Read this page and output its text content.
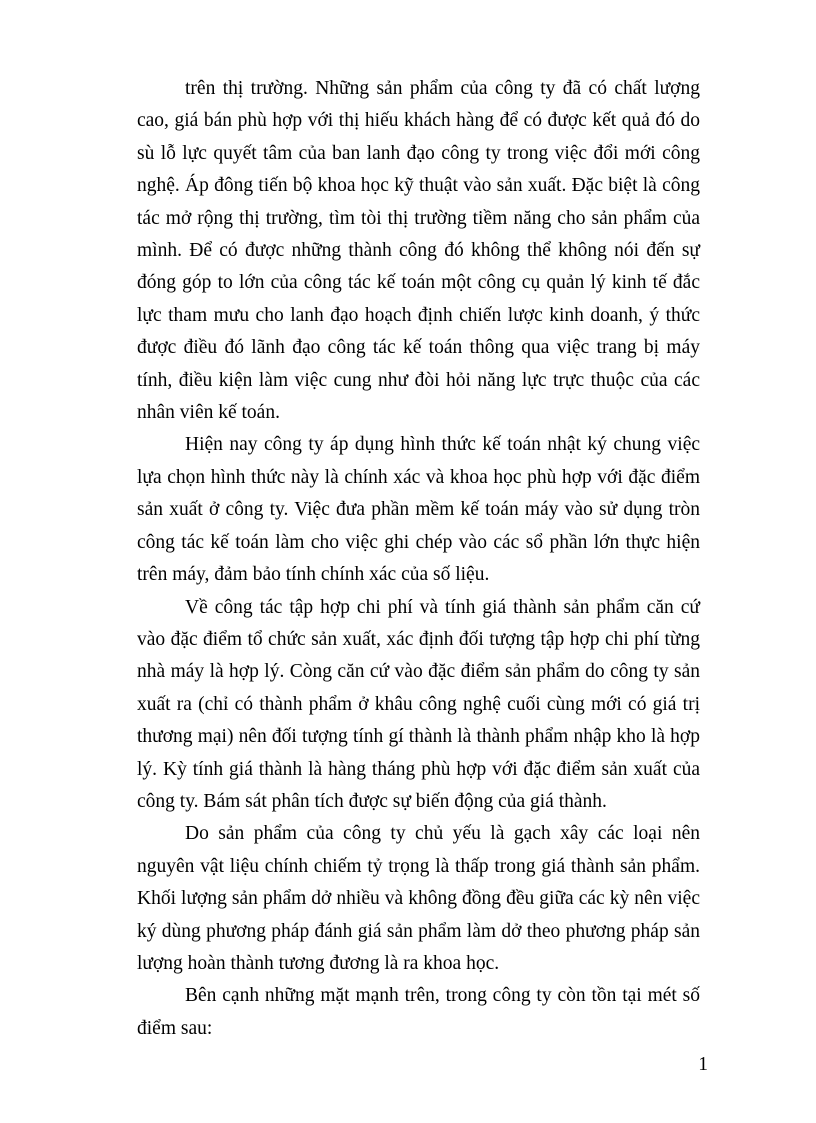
trên thị trường. Những sản phẩm của công ty đã có chất lượng cao, giá bán phù hợp với thị hiếu khách hàng để có được kết quả đó do sù lỗ lực quyết tâm của ban lanh đạo công ty trong việc đổi mới công nghệ. Áp đông tiến bộ khoa học kỹ thuật vào sản xuất. Đặc biệt là công tác mở rộng thị trường, tìm tòi thị trường tiềm năng cho sản phẩm của mình. Để có được những thành công đó không thể không nói đến sự đóng góp to lớn của công tác kế toán một công cụ quản lý kinh tế đắc lực tham mưu cho lanh đạo hoạch định chiến lược kinh doanh, ý thức được điều đó lãnh đạo công tác kế toán thông qua việc trang bị máy tính, điều kiện làm việc cung như đòi hỏi năng lực trực thuộc của các nhân viên kế toán.

Hiện nay công ty áp dụng hình thức kế toán nhật ký chung việc lựa chọn hình thức này là chính xác và khoa học phù hợp với đặc điểm sản xuất ở công ty. Việc đưa phần mềm kế toán máy vào sử dụng tròn công tác kế toán làm cho việc ghi chép vào các sổ phần lớn thực hiện trên máy, đảm bảo tính chính xác của số liệu.

Về công tác tập hợp chi phí và tính giá thành sản phẩm căn cứ vào đặc điểm tổ chức sản xuất, xác định đối tượng tập hợp chi phí từng nhà máy là hợp lý. Còng căn cứ vào đặc điểm sản phẩm do công ty sản xuất ra (chỉ có thành phẩm ở khâu công nghệ cuối cùng mới có giá trị thương mại) nên đối tượng tính gí thành là thành phẩm nhập kho là hợp lý. Kỳ tính giá thành là hàng tháng phù hợp với đặc điểm sản xuất của công ty. Bám sát phân tích được sự biến động của giá thành.

Do sản phẩm của công ty chủ yếu là gạch xây các loại nên nguyên vật liệu chính chiếm tỷ trọng là thấp trong giá thành sản phẩm. Khối lượng sản phẩm dở nhiều và không đồng đều giữa các kỳ nên việc ký dùng phương pháp đánh giá sản phẩm làm dở theo phương pháp sản lượng hoàn thành tương đương là ra khoa học.

Bên cạnh những mặt mạnh trên, trong công ty còn tồn tại mét số điểm sau:

1
